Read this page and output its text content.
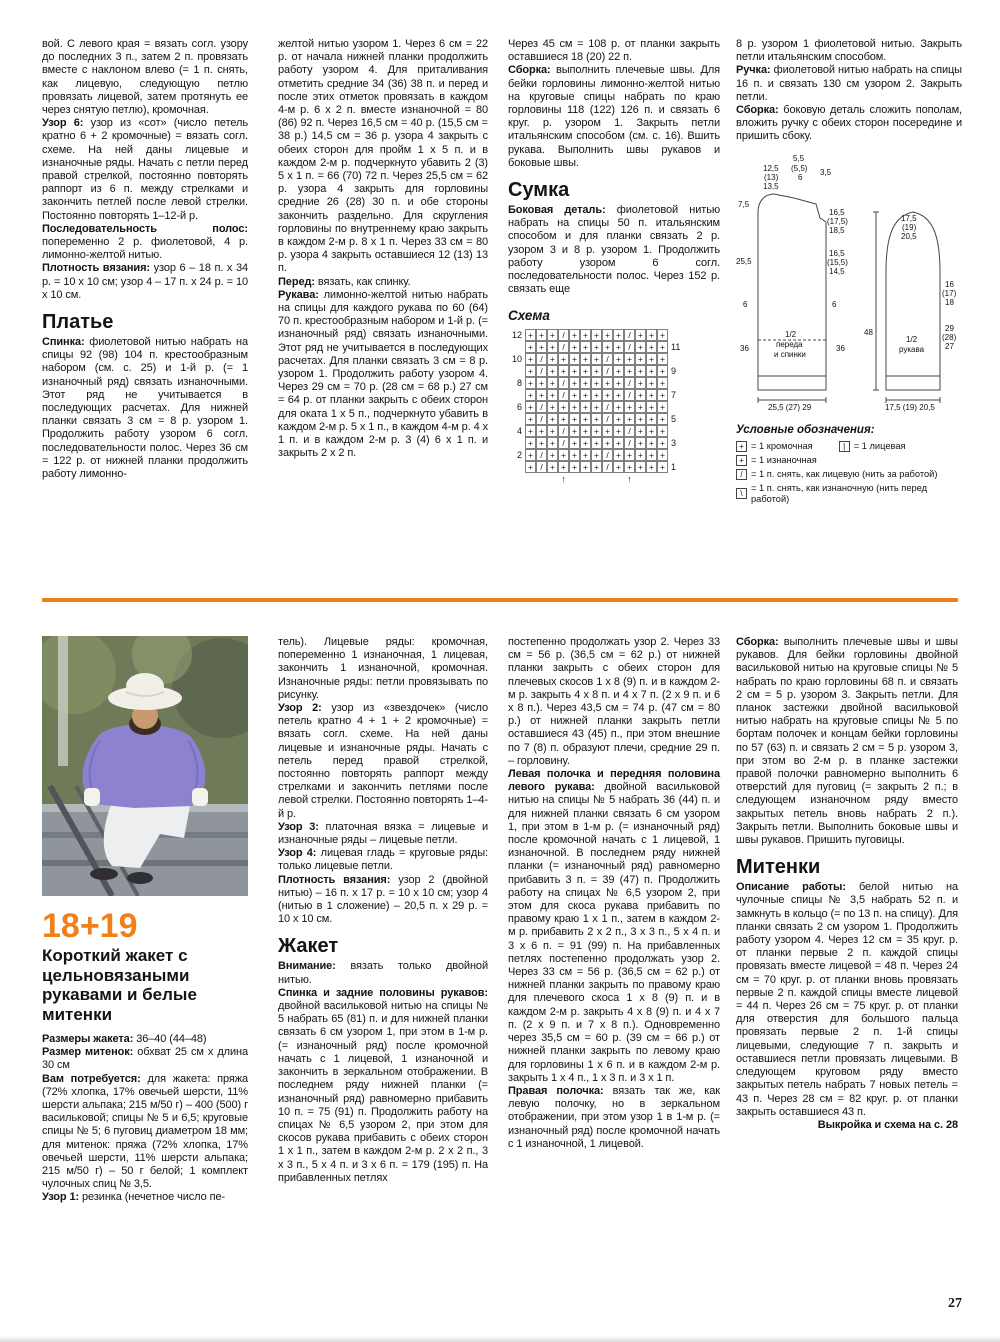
вой. С левого края = вязать согл. узору до последних 3 п., затем 2 п. провязать вместе с наклоном влево (= 1 п. снять, как лицевую, следующую петлю провязать лицевой, затем протянуть ее через снятую петлю), кромочная.

Узор 6: узор из «сот» (число петель кратно 6 + 2 кромочные) = вязать согл. схеме. На ней даны лицевые и изнаночные ряды. Начать с петли перед правой стрелкой, постоянно повторять раппорт из 6 п. между стрелками и закончить петлей после левой стрелки. Постоянно повторять 1–12-й р.

Последовательность полос: попеременно 2 р. фиолетовой, 4 р. лимонно-желтой нитью.

Плотность вязания: узор 6 – 18 п. х 34 р. = 10 х 10 см; узор 4 – 17 п. х 24 р. = 10 х 10 см.

Платье

Спинка: фиолетовой нитью набрать на спицы 92 (98) 104 п. крестообразным набором (см. с. 25) и 1-й р. (= 1 изнаночный ряд) связать изнаночными. Этот ряд не учитывается в последующих расчетах. Для нижней планки связать 3 см = 8 р. узором 1. Продолжить работу узором 6 согл. последовательности полос. Через 36 см = 122 р. от нижней планки продолжить работу лимонно-

желтой нитью узором 1. Через 6 см = 22 р. от начала нижней планки продолжить работу узором 4. Для приталивания отметить средние 34 (36) 38 п. и перед и после этих отметок провязать в каждом 4-м р. 6 х 2 п. вместе изнаночной = 80 (86) 92 п. Через 16,5 см = 40 р. (15,5 см = 38 р.) 14,5 см = 36 р. узора 4 закрыть с обеих сторон для пройм 1 х 5 п. и в каждом 2-м р. подчеркнуто убавить 2 (3) 5 х 1 п. = 66 (70) 72 п. Через 25,5 см = 62 р. узора 4 закрыть для горловины средние 26 (28) 30 п. и обе стороны закончить раздельно. Для скругления горловины по внутреннему краю закрыть в каждом 2-м р. 8 х 1 п. Через 33 см = 80 р. узора 4 закрыть оставшиеся 12 (13) 13 п.

Перед: вязать, как спинку.

Рукава: лимонно-желтой нитью набрать на спицы для каждого рукава по 60 (64) 70 п. крестообразным набором и 1-й р. (= изнаночный ряд) связать изнаночными. Этот ряд не учитывается в последующих расчетах. Для планки связать 3 см = 8 р. узором 1. Продолжить работу узором 4. Через 29 см = 70 р. (28 см = 68 р.) 27 см = 64 р. от планки закрыть с обеих сторон для оката 1 х 5 п., подчеркнуто убавить в каждом 2-м р. 5 х 1 п., в каждом 4-м р. 4 х 1 п. и в каждом 2-м р. 3 (4) 6 х 1 п. и закрыть 2 х 2 п.

Через 45 см = 108 р. от планки закрыть оставшиеся 18 (20) 22 п.

Сборка: выполнить плечевые швы. Для бейки горловины лимонно-желтой нитью на круговые спицы набрать по краю горловины 118 (122) 126 п. и связать 6 круг. р. узором 1. Закрыть петли итальянским способом (см. с. 16). Вшить рукава. Выполнить швы рукавов и боковые швы.

Сумка

Боковая деталь: фиолетовой нитью набрать на спицы 50 п. итальянским способом и для планки связать 2 р. узором 3 и 8 р. узором 1. Продолжить работу узором 6 согл. последовательности полос. Через 152 р. связать еще

Схема
12 + + + / + + + + + / + + +
+ + + / + + + + + / + + + 11
10 + / + + + + + / + + + + +
+ / + + + + + / + + + + + 9
8 + + + / + + + + + / + + +
+ + + / + + + + + / + + + 7
6 + / + + + + + / + + + + +
+ / + + + + + / + + + + + 5
4 + + + / + + + + + / + + +
+ + + / + + + + + / + + + 3
2 + / + + + + + / + + + + +
+ / + + + + + / + + + + + 1
↑	↑

8 р. узором 1 фиолетовой нитью. Закрыть петли итальянским способом.

Ручка: фиолетовой нитью набрать на спицы 16 п. и связать 130 см узором 2. Закрыть петли.

Сборка: боковую деталь сложить пополам, вложить ручку с обеих сторон посередине и пришить сбоку.

5,5
12,5
(13)
13,5
(5,5)
6
3,5
7,5
25,5
6
36
16,5
(17,5)
18,5
16,5
(15,5)
14,5
6
36
25,5 (27) 29
48
17,5
(19)
20,5
16
(17)
18
29
(28)
27
17,5 (19) 20,5
1/2
переда
и спинки
1/2
рукава
Условные обозначения:
+ = 1 кромочная	| = 1 лицевая
+ = 1 изнаночная
/ = 1 п. снять, как лицевую (нить за работой)
\
= 1 п. снять, как изнаночную (нить перед работой)
18+19
Короткий жакет с цельновязаными рукавами и белые митенки

Размеры жакета: 36–40 (44–48)

Размер митенок: обхват 25 см х длина 30 см

Вам потребуется: для жакета: пряжа (72% хлопка, 17% овечьей шерсти, 11% шерсти альпака; 215 м/50 г) – 400 (500) г васильковой; спицы № 5 и 6,5; круговые спицы № 5; 6 пуговиц диаметром 18 мм; для митенок: пряжа (72% хлопка, 17% овечьей шерсти, 11% шерсти альпака; 215 м/50 г) – 50 г белой; 1 комплект чулочных спиц № 3,5.

Узор 1: резинка (нечетное число пе-

тель). Лицевые ряды: кромочная, попеременно 1 изнаночная, 1 лицевая, закончить 1 изнаночной, кромочная. Изнаночные ряды: петли провязывать по рисунку.

Узор 2: узор из «звездочек» (число петель кратно 4 + 1 + 2 кромочные) = вязать согл. схеме. На ней даны лицевые и изнаночные ряды. Начать с петель перед правой стрелкой, постоянно повторять раппорт между стрелками и закончить петлями после левой стрелки. Постоянно повторять 1–4-й р.

Узор 3: платочная вязка = лицевые и изнаночные ряды – лицевые петли.

Узор 4: лицевая гладь = круговые ряды: только лицевые петли.

Плотность вязания: узор 2 (двойной нитью) – 16 п. х 17 р. = 10 х 10 см; узор 4 (нитью в 1 сложение) – 20,5 п. х 29 р. = 10 х 10 см.

Жакет

Внимание: вязать только двойной нитью.

Спинка и задние половины рукавов: двойной васильковой нитью на спицы № 5 набрать 65 (81) п. и для нижней планки связать 6 см узором 1, при этом в 1-м р. (= изнаночный ряд) после кромочной начать с 1 лицевой, 1 изнаночной и закончить в зеркальном отображении. В последнем ряду нижней планки (= изнаночный ряд) равномерно прибавить 10 п. = 75 (91) п. Продолжить работу на спицах № 6,5 узором 2, при этом для скосов рукава прибавить с обеих сторон 1 х 1 п., затем в каждом 2-м р. 2 х 2 п., 3 х 3 п., 5 х 4 п. и 3 х 6 п. = 179 (195) п. На прибавленных петлях

постепенно продолжать узор 2. Через 33 см = 56 р. (36,5 см = 62 р.) от нижней планки закрыть с обеих сторон для плечевых скосов 1 х 8 (9) п. и в каждом 2-м р. закрыть 4 х 8 п. и 4 х 7 п. (2 х 9 п. и 6 х 8 п.). Через 43,5 см = 74 р. (47 см = 80 р.) от нижней планки закрыть петли оставшиеся 43 (45) п., при этом внешние по 7 (8) п. образуют плечи, средние 29 п. – горловину.

Левая полочка и передняя половина левого рукава: двойной васильковой нитью на спицы № 5 набрать 36 (44) п. и для нижней планки связать 6 см узором 1, при этом в 1-м р. (= изнаночный ряд) после кромочной начать с 1 лицевой, 1 изнаночной. В последнем ряду нижней планки (= изнаночный ряд) равномерно прибавить 3 п. = 39 (47) п. Продолжить работу на спицах № 6,5 узором 2, при этом для скоса рукава прибавить по правому краю 1 х 1 п., затем в каждом 2-м р. прибавить 2 х 2 п., 3 х 3 п., 5 х 4 п. и 3 х 6 п. = 91 (99) п. На прибавленных петлях постепенно продолжать узор 2. Через 33 см = 56 р. (36,5 см = 62 р.) от нижней планки закрыть по правому краю для плечевого скоса 1 х 8 (9) п. и в каждом 2-м р. закрыть 4 х 8 (9) п. и 4 х 7 п. (2 х 9 п. и 7 х 8 п.). Одновременно через 35,5 см = 60 р. (39 см = 66 р.) от нижней планки закрыть по левому краю для горловины 1 х 6 п. и в каждом 2-м р. закрыть 1 х 4 п., 1 х 3 п. и 3 х 1 п.

Правая полочка: вязать так же, как левую полочку, но в зеркальном отображении, при этом узор 1 в 1-м р. (= изнаночный ряд) после кромочной начать с 1 изнаночной, 1 лицевой.

Сборка: выполнить плечевые швы и швы рукавов. Для бейки горловины двойной васильковой нитью на круговые спицы № 5 набрать по краю горловины 68 п. и связать 2 см = 5 р. узором 3. Закрыть петли. Для планок застежки двойной васильковой нитью набрать на круговые спицы № 5 по бортам полочек и концам бейки горловины по 57 (63) п. и связать 2 см = 5 р. узором 3, при этом во 2-м р. в планке застежки правой полочки равномерно выполнить 6 отверстий для пуговиц (= закрыть 2 п.; в следующем изнаночном ряду вместо закрытых петель вновь набрать 2 п.). Закрыть петли. Выполнить боковые швы и швы рукавов. Пришить пуговицы.

Митенки

Описание работы: белой нитью на чулочные спицы № 3,5 набрать 52 п. и замкнуть в кольцо (= по 13 п. на спицу). Для планки связать 2 см узором 1. Продолжить работу узором 4. Через 12 см = 35 круг. р. от планки первые 2 п. каждой спицы провязать вместе лицевой = 48 п. Через 24 см = 70 круг. р. от планки вновь провязать первые 2 п. каждой спицы вместе лицевой = 44 п. Через 26 см = 75 круг. р. от планки для отверстия для большого пальца провязать первые 2 п. 1-й спицы лицевыми, следующие 7 п. закрыть и оставшиеся петли провязать лицевыми. В следующем круговом ряду вместо закрытых петель набрать 7 новых петель = 43 п. Через 28 см = 82 круг. р. от планки закрыть оставшиеся 43 п.

Выкройка и схема на с. 28

27
